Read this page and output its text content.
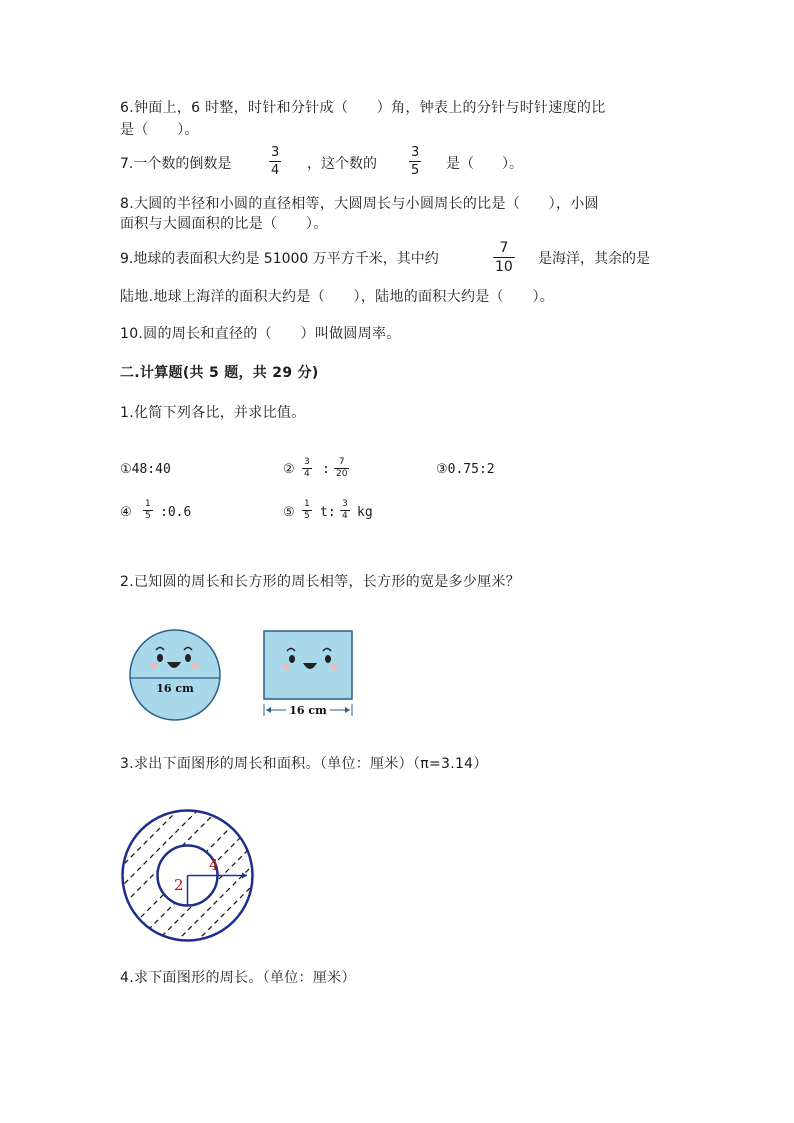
6.钟面上，6 时整，时针和分针成（　　）角，钟表上的分针与时针速度的比
是（　　）。
7.一个数的倒数是
3
4 ，这个数的
3
5 是（　　）。
8.大圆的半径和小圆的直径相等，大圆周长与小圆周长的比是（　　），小圆
面积与大圆面积的比是（　　）。
9.地球的表面积大约是 51000 万平方千米，其中约
7
10 是海洋，其余的是
陆地.地球上海洋的面积大约是（　　），陆地的面积大约是（　　）。
10.圆的周长和直径的（　　）叫做圆周率。
二.计算题(共 5 题，共 29 分)
1.化简下列各比，并求比值。
①48:40	② 3
4 :	7
20	③0.75:2
④
1
5 :0.6	⑤
1
5 t:
3
4 kg
2.已知圆的周长和长方形的周长相等，长方形的宽是多少厘米？
16 cm
16 cm
3.求出下面图形的周长和面积。（单位：厘米）（π=3.14）
2
4
4.求下面图形的周长。（单位：厘米）
